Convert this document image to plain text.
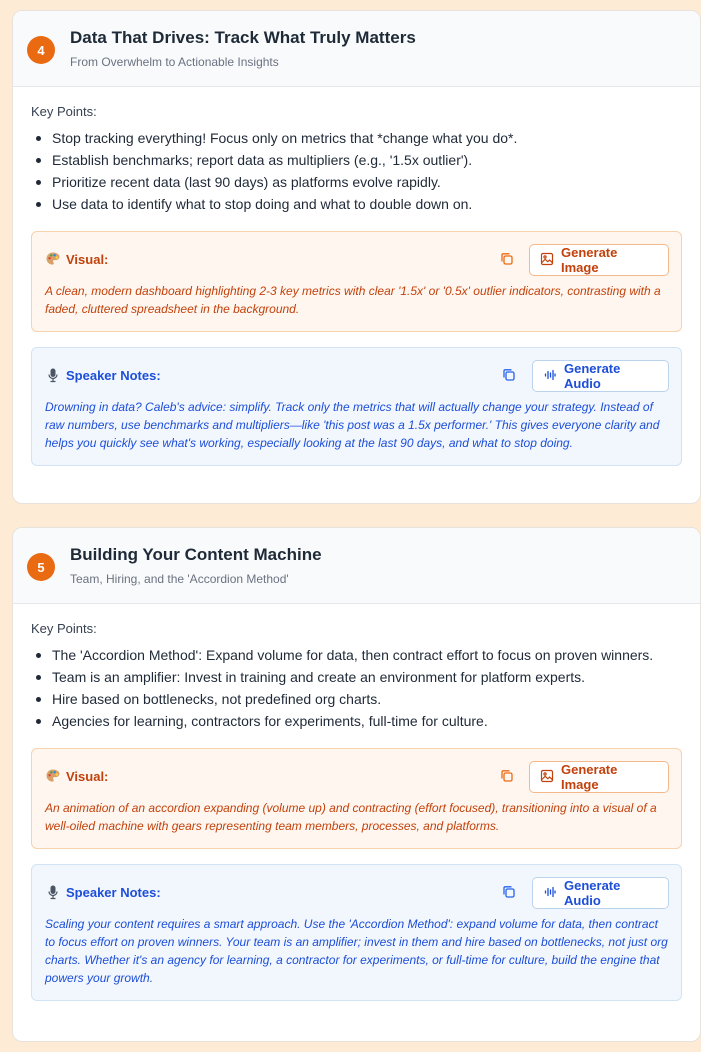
4
Data That Drives: Track What Truly Matters
From Overwhelm to Actionable Insights
Key Points:
Stop tracking everything! Focus only on metrics that *change what you do*.
Establish benchmarks; report data as multipliers (e.g., '1.5x outlier').
Prioritize recent data (last 90 days) as platforms evolve rapidly.
Use data to identify what to stop doing and what to double down on.
Visual:	Generate Image
A clean, modern dashboard highlighting 2-3 key metrics with clear '1.5x' or '0.5x' outlier indicators, contrasting with a faded, cluttered spreadsheet in the background.
Speaker Notes:	Generate Audio
Drowning in data? Caleb's advice: simplify. Track only the metrics that will actually change your strategy. Instead of raw numbers, use benchmarks and multipliers—like 'this post was a 1.5x performer.' This gives everyone clarity and helps you quickly see what's working, especially looking at the last 90 days, and what to stop doing.
5
Building Your Content Machine
Team, Hiring, and the 'Accordion Method'
Key Points:
The 'Accordion Method': Expand volume for data, then contract effort to focus on proven winners.
Team is an amplifier: Invest in training and create an environment for platform experts.
Hire based on bottlenecks, not predefined org charts.
Agencies for learning, contractors for experiments, full-time for culture.
Visual:	Generate Image
An animation of an accordion expanding (volume up) and contracting (effort focused), transitioning into a visual of a well-oiled machine with gears representing team members, processes, and platforms.
Speaker Notes:	Generate Audio
Scaling your content requires a smart approach. Use the 'Accordion Method': expand volume for data, then contract to focus effort on proven winners. Your team is an amplifier; invest in them and hire based on bottlenecks, not just org charts. Whether it's an agency for learning, a contractor for experiments, or full-time for culture, build the engine that powers your growth.
